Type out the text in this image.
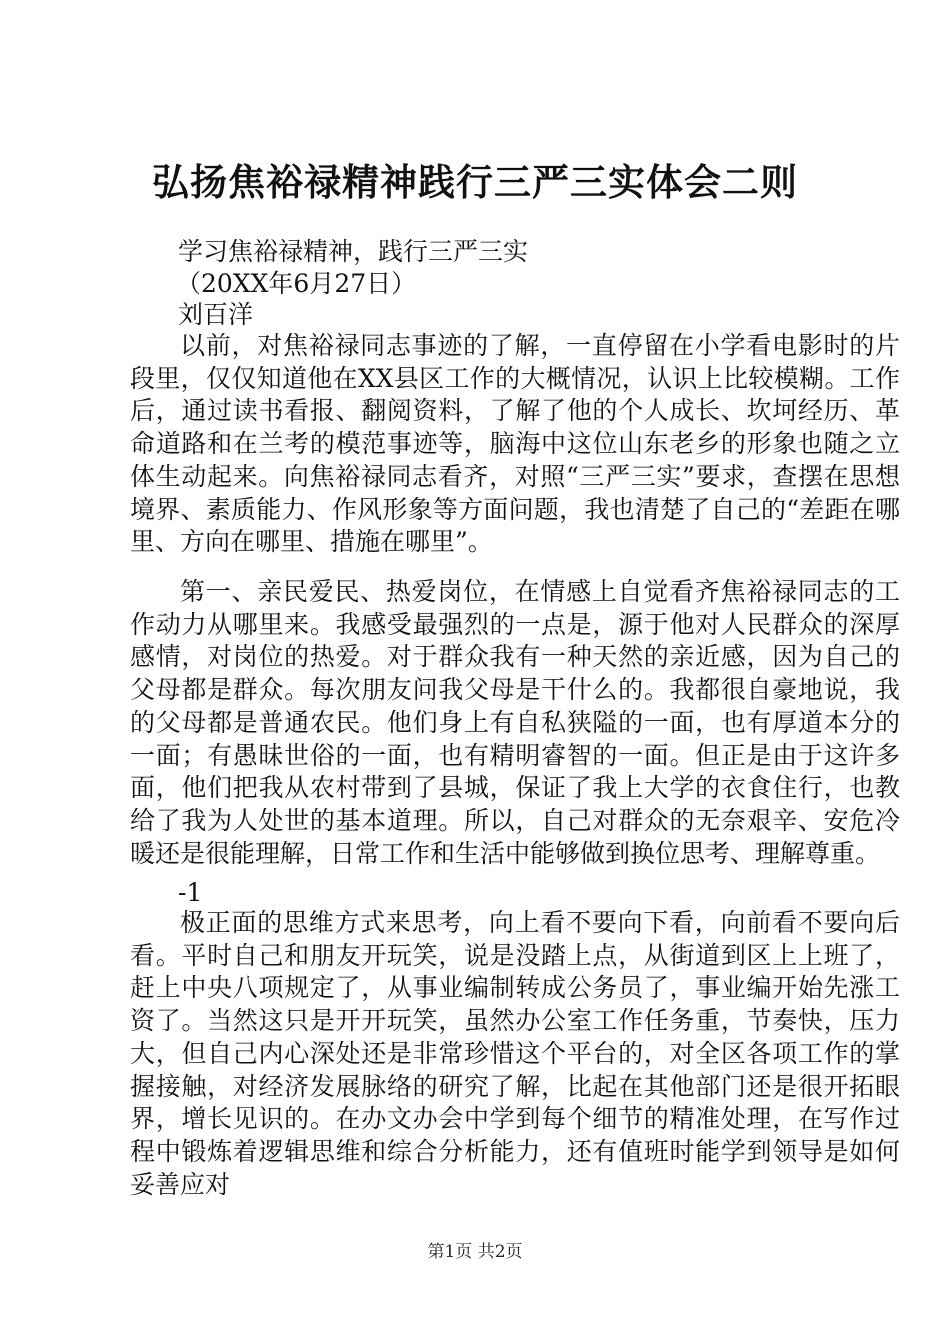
弘扬焦裕禄精神践行三严三实体会二则
学习焦裕禄精神，践行三严三实
（20XX年6月27日）
刘百洋

以前，对焦裕禄同志事迹的了解，一直停留在小学看电影时的片段里，仅仅知道他在XX县区工作的大概情况，认识上比较模糊。工作后，通过读书看报、翻阅资料，了解了他的个人成长、坎坷经历、革命道路和在兰考的模范事迹等，脑海中这位山东老乡的形象也随之立体生动起来。向焦裕禄同志看齐，对照“三严三实”要求，查摆在思想境界、素质能力、作风形象等方面问题，我也清楚了自己的“差距在哪里、方向在哪里、措施在哪里”。

第一、亲民爱民、热爱岗位，在情感上自觉看齐焦裕禄同志的工作动力从哪里来。我感受最强烈的一点是，源于他对人民群众的深厚感情，对岗位的热爱。对于群众我有一种天然的亲近感，因为自己的父母都是群众。每次朋友问我父母是干什么的。我都很自豪地说，我的父母都是普通农民。他们身上有自私狭隘的一面，也有厚道本分的一面；有愚昧世俗的一面，也有精明睿智的一面。但正是由于这许多面，他们把我从农村带到了县城，保证了我上大学的衣食住行，也教给了我为人处世的基本道理。所以，自己对群众的无奈艰辛、安危冷暖还是很能理解，日常工作和生活中能够做到换位思考、理解尊重。

-1

极正面的思维方式来思考，向上看不要向下看，向前看不要向后看。平时自己和朋友开玩笑，说是没踏上点，从街道到区上上班了，赶上中央八项规定了，从事业编制转成公务员了，事业编开始先涨工资了。当然这只是开开玩笑，虽然办公室工作任务重，节奏快，压力大，但自己内心深处还是非常珍惜这个平台的，对全区各项工作的掌握接触，对经济发展脉络的研究了解，比起在其他部门还是很开拓眼界，增长见识的。在办文办会中学到每个细节的精准处理，在写作过程中锻炼着逻辑思维和综合分析能力，还有值班时能学到领导是如何妥善应对

第1页 共2页
